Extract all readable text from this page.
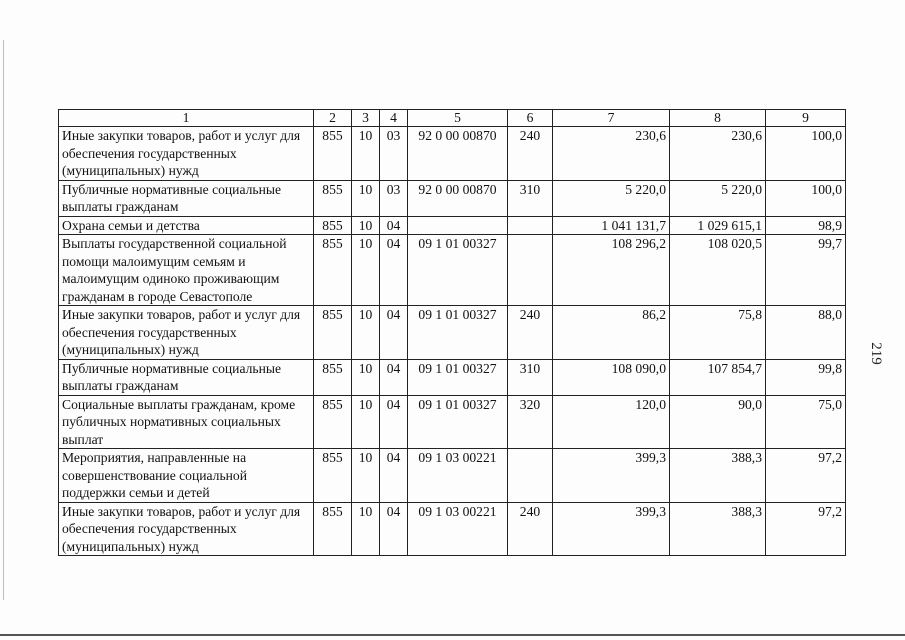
219
1	2	3	4	5	6	7	8	9
Иные закупки товаров, работ и услуг для обеспечения государственных (муниципальных) нужд	855	10	03	92 0 00 00870	240	230,6	230,6	100,0
Публичные нормативные социальные выплаты гражданам	855	10	03	92 0 00 00870	310	5 220,0	5 220,0	100,0
Охрана семьи и детства	855	10	04			1 041 131,7	1 029 615,1	98,9
Выплаты государственной социальной помощи малоимущим семьям и малоимущим одиноко проживающим гражданам в городе Севастополе	855	10	04	09 1 01 00327		108 296,2	108 020,5	99,7
Иные закупки товаров, работ и услуг для обеспечения государственных (муниципальных) нужд	855	10	04	09 1 01 00327	240	86,2	75,8	88,0
Публичные нормативные социальные выплаты гражданам	855	10	04	09 1 01 00327	310	108 090,0	107 854,7	99,8
Социальные выплаты гражданам, кроме публичных нормативных социальных выплат	855	10	04	09 1 01 00327	320	120,0	90,0	75,0
Мероприятия, направленные на совершенствование социальной поддержки семьи и детей	855	10	04	09 1 03 00221		399,3	388,3	97,2
Иные закупки товаров, работ и услуг для обеспечения государственных (муниципальных) нужд	855	10	04	09 1 03 00221	240	399,3	388,3	97,2
